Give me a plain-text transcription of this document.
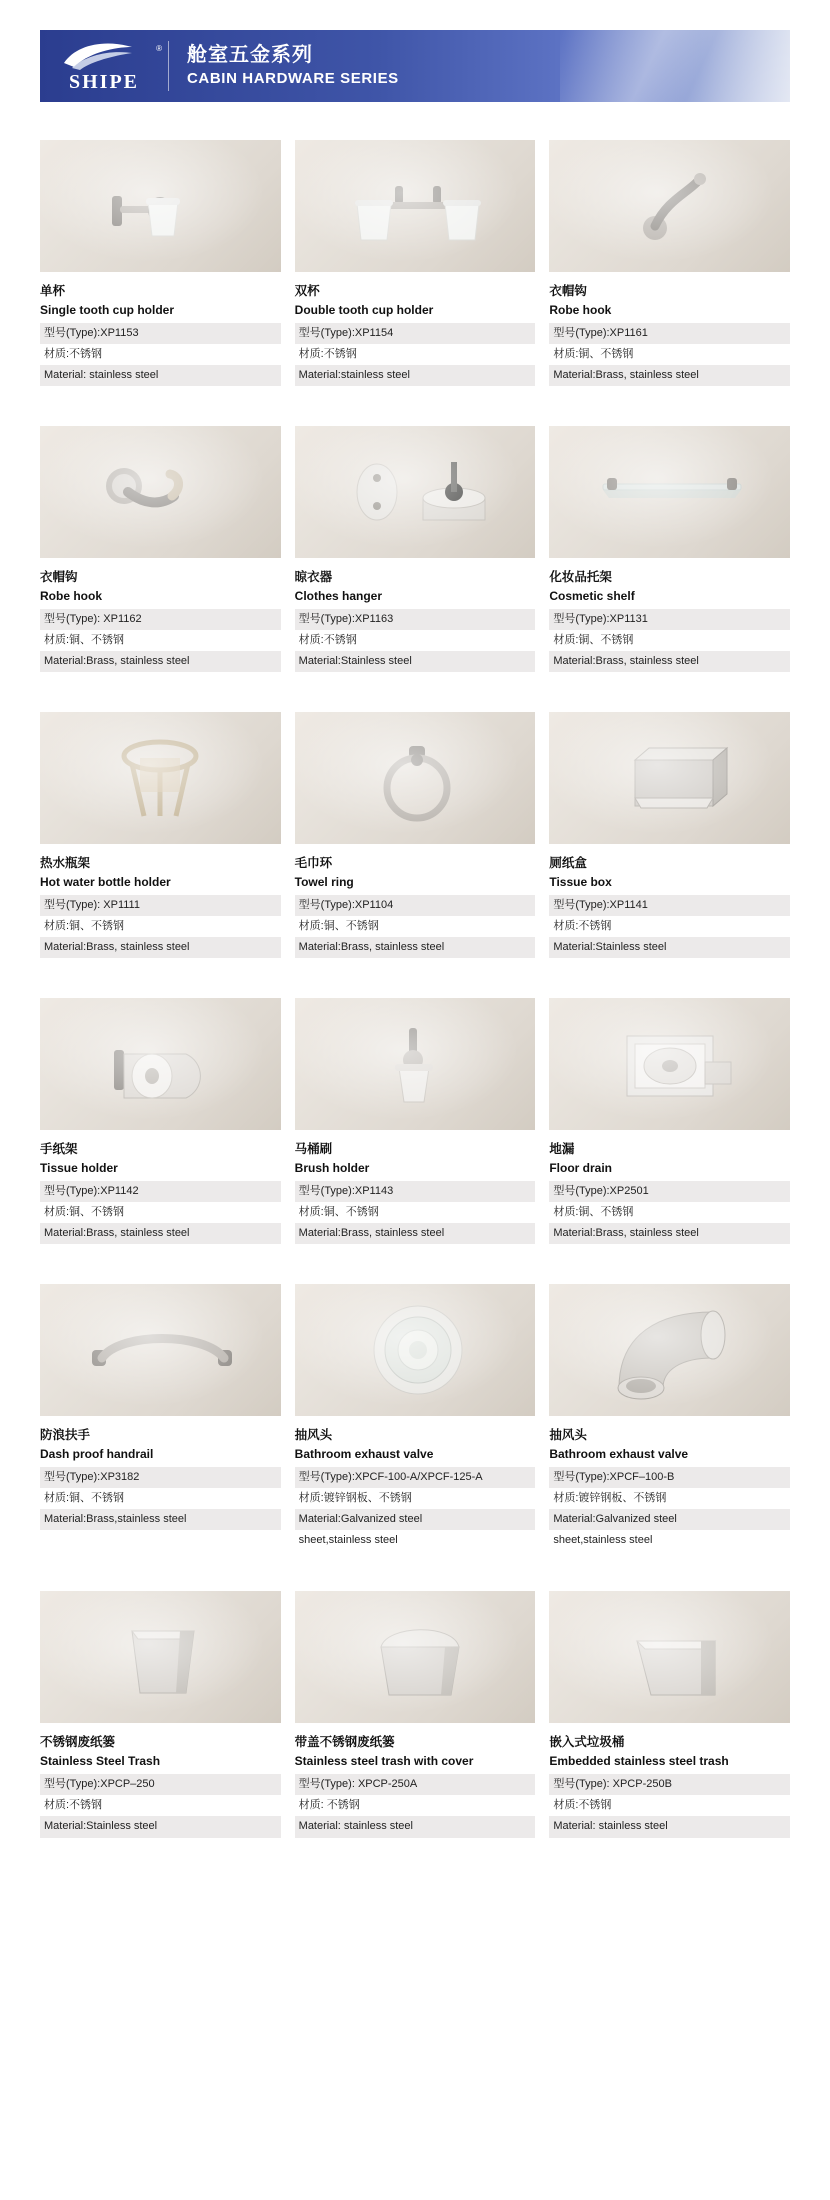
SHIPE
® 舱室五金系列
CABIN HARDWARE SERIES
单杯
Single tooth cup holder
型号(Type):XP1153
材质:不锈钢
Material: stainless steel
双杯
Double tooth cup holder
型号(Type):XP1154
材质:不锈钢
Material:stainless steel
衣帽钩
Robe hook
型号(Type):XP1161
材质:铜、不锈钢
Material:Brass, stainless steel
衣帽钩
Robe hook
型号(Type): XP1162
材质:铜、不锈钢
Material:Brass, stainless steel
晾衣器
Clothes hanger
型号(Type):XP1163
材质:不锈钢
Material:Stainless steel
化妆品托架
Cosmetic shelf
型号(Type):XP1131
材质:铜、不锈钢
Material:Brass, stainless steel
热水瓶架
Hot water bottle holder
型号(Type): XP1111
材质:铜、不锈钢
Material:Brass, stainless steel
毛巾环
Towel ring
型号(Type):XP1104
材质:铜、不锈钢
Material:Brass, stainless steel
厕纸盒
Tissue box
型号(Type):XP1141
材质:不锈钢
Material:Stainless steel
手纸架
Tissue holder
型号(Type):XP1142
材质:铜、不锈钢
Material:Brass, stainless steel
马桶刷
Brush holder
型号(Type):XP1143
材质:铜、不锈钢
Material:Brass, stainless steel
地漏
Floor drain
型号(Type):XP2501
材质:铜、不锈钢
Material:Brass, stainless steel
防浪扶手
Dash proof handrail
型号(Type):XP3182
材质:铜、不锈钢
Material:Brass,stainless steel
抽风头
Bathroom exhaust valve
型号(Type):XPCF-100-A/XPCF-125-A
材质:镀锌钢板、不锈钢
Material:Galvanized steel
sheet,stainless steel
抽风头
Bathroom exhaust valve
型号(Type):XPCF–100-B
材质:镀锌钢板、不锈钢
Material:Galvanized steel
sheet,stainless steel
不锈钢废纸篓
Stainless Steel Trash
型号(Type):XPCP–250
材质:不锈钢
Material:Stainless steel
带盖不锈钢废纸篓
Stainless steel trash with cover
型号(Type): XPCP-250A
材质: 不锈钢
Material: stainless steel
嵌入式垃圾桶
Embedded stainless steel trash
型号(Type): XPCP-250B
材质:不锈钢
Material: stainless steel
